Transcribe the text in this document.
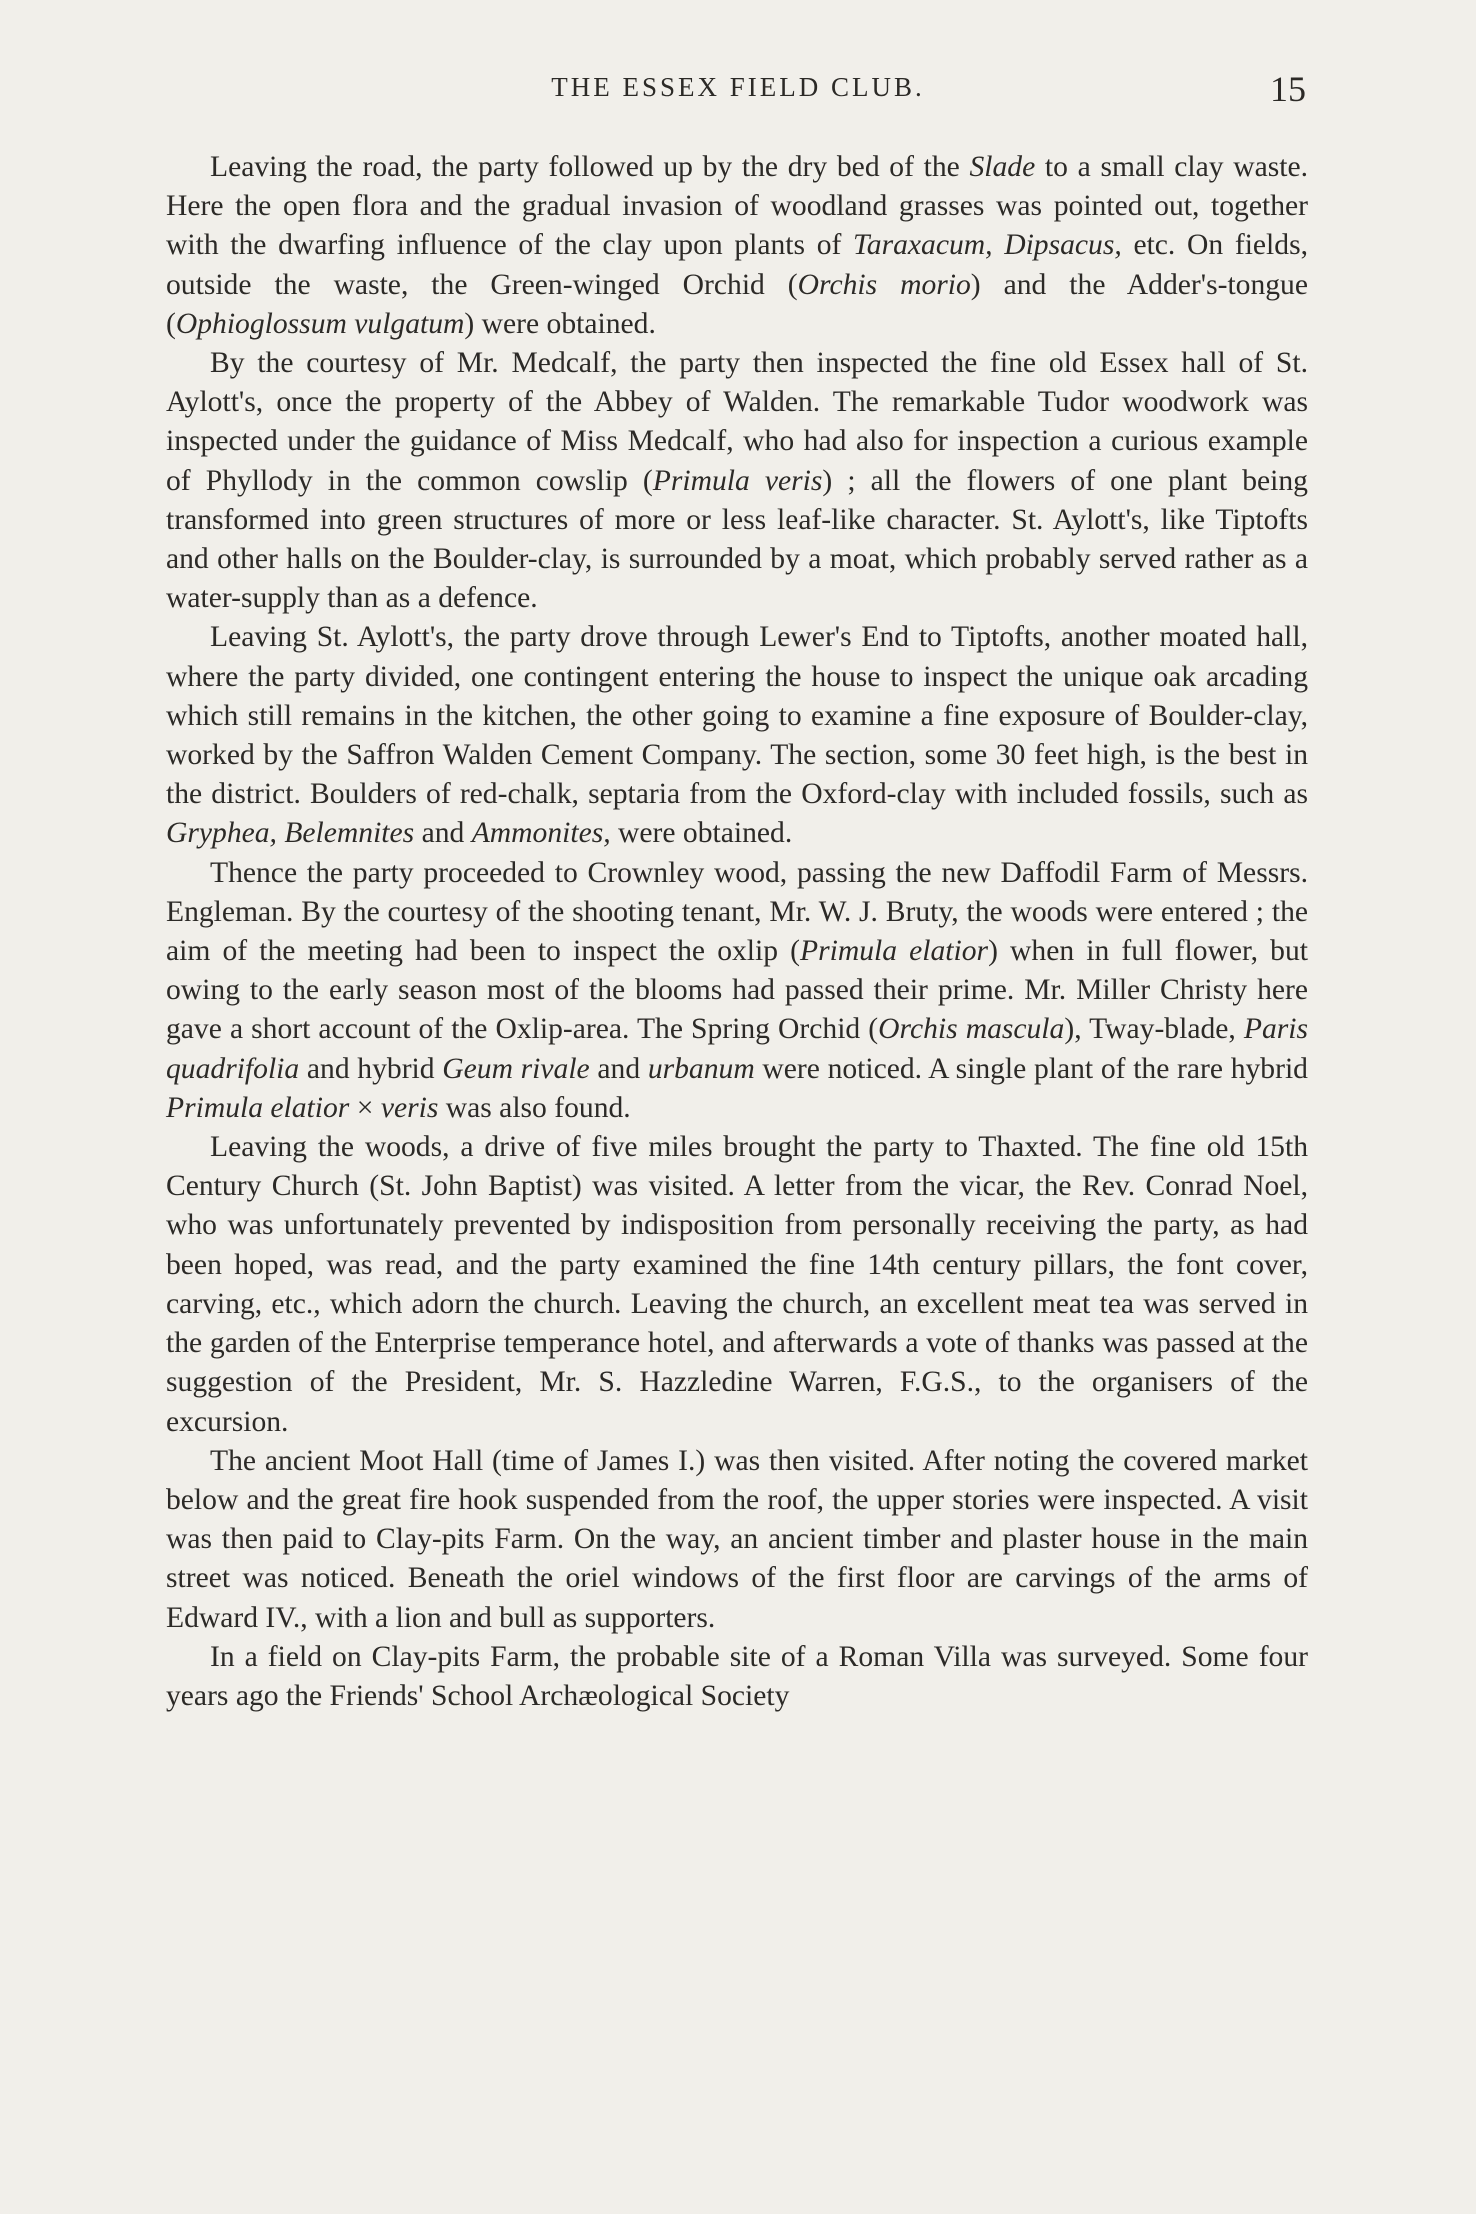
THE ESSEX FIELD CLUB.	15

Leaving the road, the party followed up by the dry bed of the Slade to a small clay waste. Here the open flora and the gradual invasion of woodland grasses was pointed out, together with the dwarfing influence of the clay upon plants of Taraxacum, Dipsacus, etc. On fields, outside the waste, the Green-winged Orchid (Orchis morio) and the Adder's-tongue (Ophioglossum vulgatum) were obtained.

By the courtesy of Mr. Medcalf, the party then inspected the fine old Essex hall of St. Aylott's, once the property of the Abbey of Walden. The remarkable Tudor woodwork was inspected under the guidance of Miss Medcalf, who had also for inspection a curious example of Phyllody in the common cowslip (Primula veris) ; all the flowers of one plant being transformed into green structures of more or less leaf-like character. St. Aylott's, like Tiptofts and other halls on the Boulder-clay, is surrounded by a moat, which probably served rather as a water-supply than as a defence.

Leaving St. Aylott's, the party drove through Lewer's End to Tiptofts, another moated hall, where the party divided, one contingent entering the house to inspect the unique oak arcading which still remains in the kitchen, the other going to examine a fine exposure of Boulder-clay, worked by the Saffron Walden Cement Company. The section, some 30 feet high, is the best in the district. Boulders of red-chalk, septaria from the Oxford-clay with included fossils, such as Gryphea, Belemnites and Ammonites, were obtained.

Thence the party proceeded to Crownley wood, passing the new Daffodil Farm of Messrs. Engleman. By the courtesy of the shooting tenant, Mr. W. J. Bruty, the woods were entered ; the aim of the meeting had been to inspect the oxlip (Primula elatior) when in full flower, but owing to the early season most of the blooms had passed their prime. Mr. Miller Christy here gave a short account of the Oxlip-area. The Spring Orchid (Orchis mascula), Tway-blade, Paris quadrifolia and hybrid Geum rivale and urbanum were noticed. A single plant of the rare hybrid Primula elatior × veris was also found.

Leaving the woods, a drive of five miles brought the party to Thaxted. The fine old 15th Century Church (St. John Baptist) was visited. A letter from the vicar, the Rev. Conrad Noel, who was unfortunately prevented by indisposition from personally receiving the party, as had been hoped, was read, and the party examined the fine 14th century pillars, the font cover, carving, etc., which adorn the church. Leaving the church, an excellent meat tea was served in the garden of the Enterprise temperance hotel, and afterwards a vote of thanks was passed at the suggestion of the President, Mr. S. Hazzledine Warren, F.G.S., to the organisers of the excursion.

The ancient Moot Hall (time of James I.) was then visited. After noting the covered market below and the great fire hook suspended from the roof, the upper stories were inspected. A visit was then paid to Clay-pits Farm. On the way, an ancient timber and plaster house in the main street was noticed. Beneath the oriel windows of the first floor are carvings of the arms of Edward IV., with a lion and bull as supporters.

In a field on Clay-pits Farm, the probable site of a Roman Villa was surveyed. Some four years ago the Friends' School Archæological Society
